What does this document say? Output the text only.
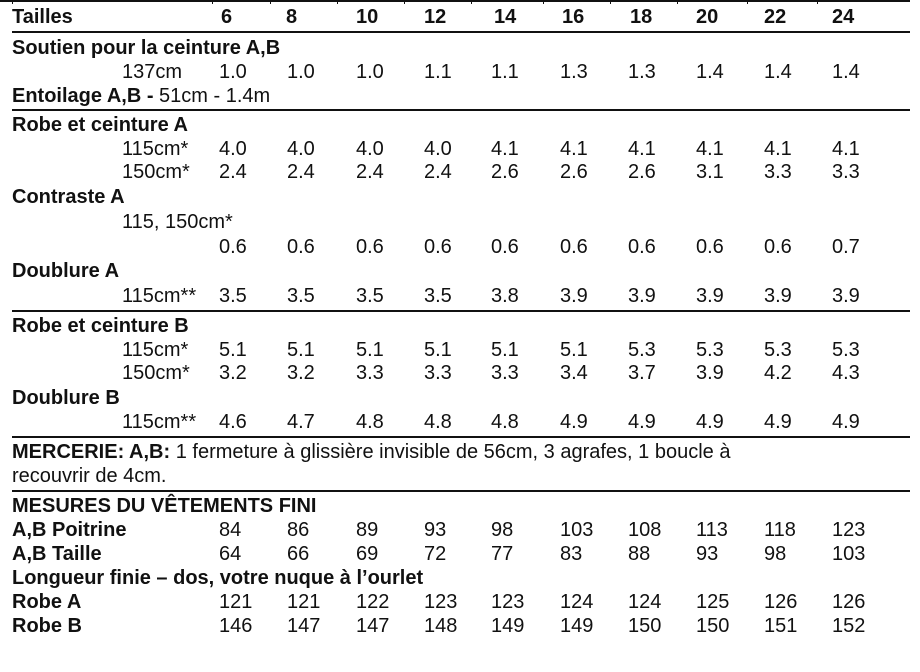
Tailles	6	8	10 12 14 16 18 20 22 24
Soutien pour la ceinture A,B
137cm 1.0 1.0 1.0 1.1 1.1 1.3 1.3 1.4 1.4 1.4
Entoilage A,B - 51cm - 1.4m
Robe et ceinture A
115cm* 4.0 4.0 4.0 4.0 4.1 4.1 4.1 4.1 4.1 4.1
150cm* 2.4 2.4 2.4 2.4 2.6 2.6 2.6 3.1 3.3 3.3
Contraste A
115, 150cm*
0.6 0.6 0.6 0.6 0.6 0.6 0.6 0.6 0.6 0.7
Doublure A
115cm** 3.5 3.5 3.5 3.5 3.8 3.9 3.9 3.9 3.9 3.9
Robe et ceinture B
115cm* 5.1 5.1 5.1 5.1 5.1 5.1 5.3 5.3 5.3 5.3
150cm* 3.2 3.2 3.3 3.3 3.3 3.4 3.7 3.9 4.2 4.3
Doublure B
115cm** 4.6 4.7 4.8 4.8 4.8 4.9 4.9 4.9 4.9 4.9
MERCERIE: A,B: 1 fermeture à glissière invisible de 56cm, 3 agrafes, 1 boucle à
recouvrir de 4cm.
MESURES DU VÊTEMENTS FINI
A,B Poitrine	84 86 89 93 98 103 108 113 118 123
A,B Taille	64 66 69 72 77 83 88 93 98 103
Longueur finie – dos, votre nuque à l’ourlet
Robe A	121 121 122 123 123 124 124 125 126 126
Robe B	146 147 147 148 149 149 150 150 151 152
